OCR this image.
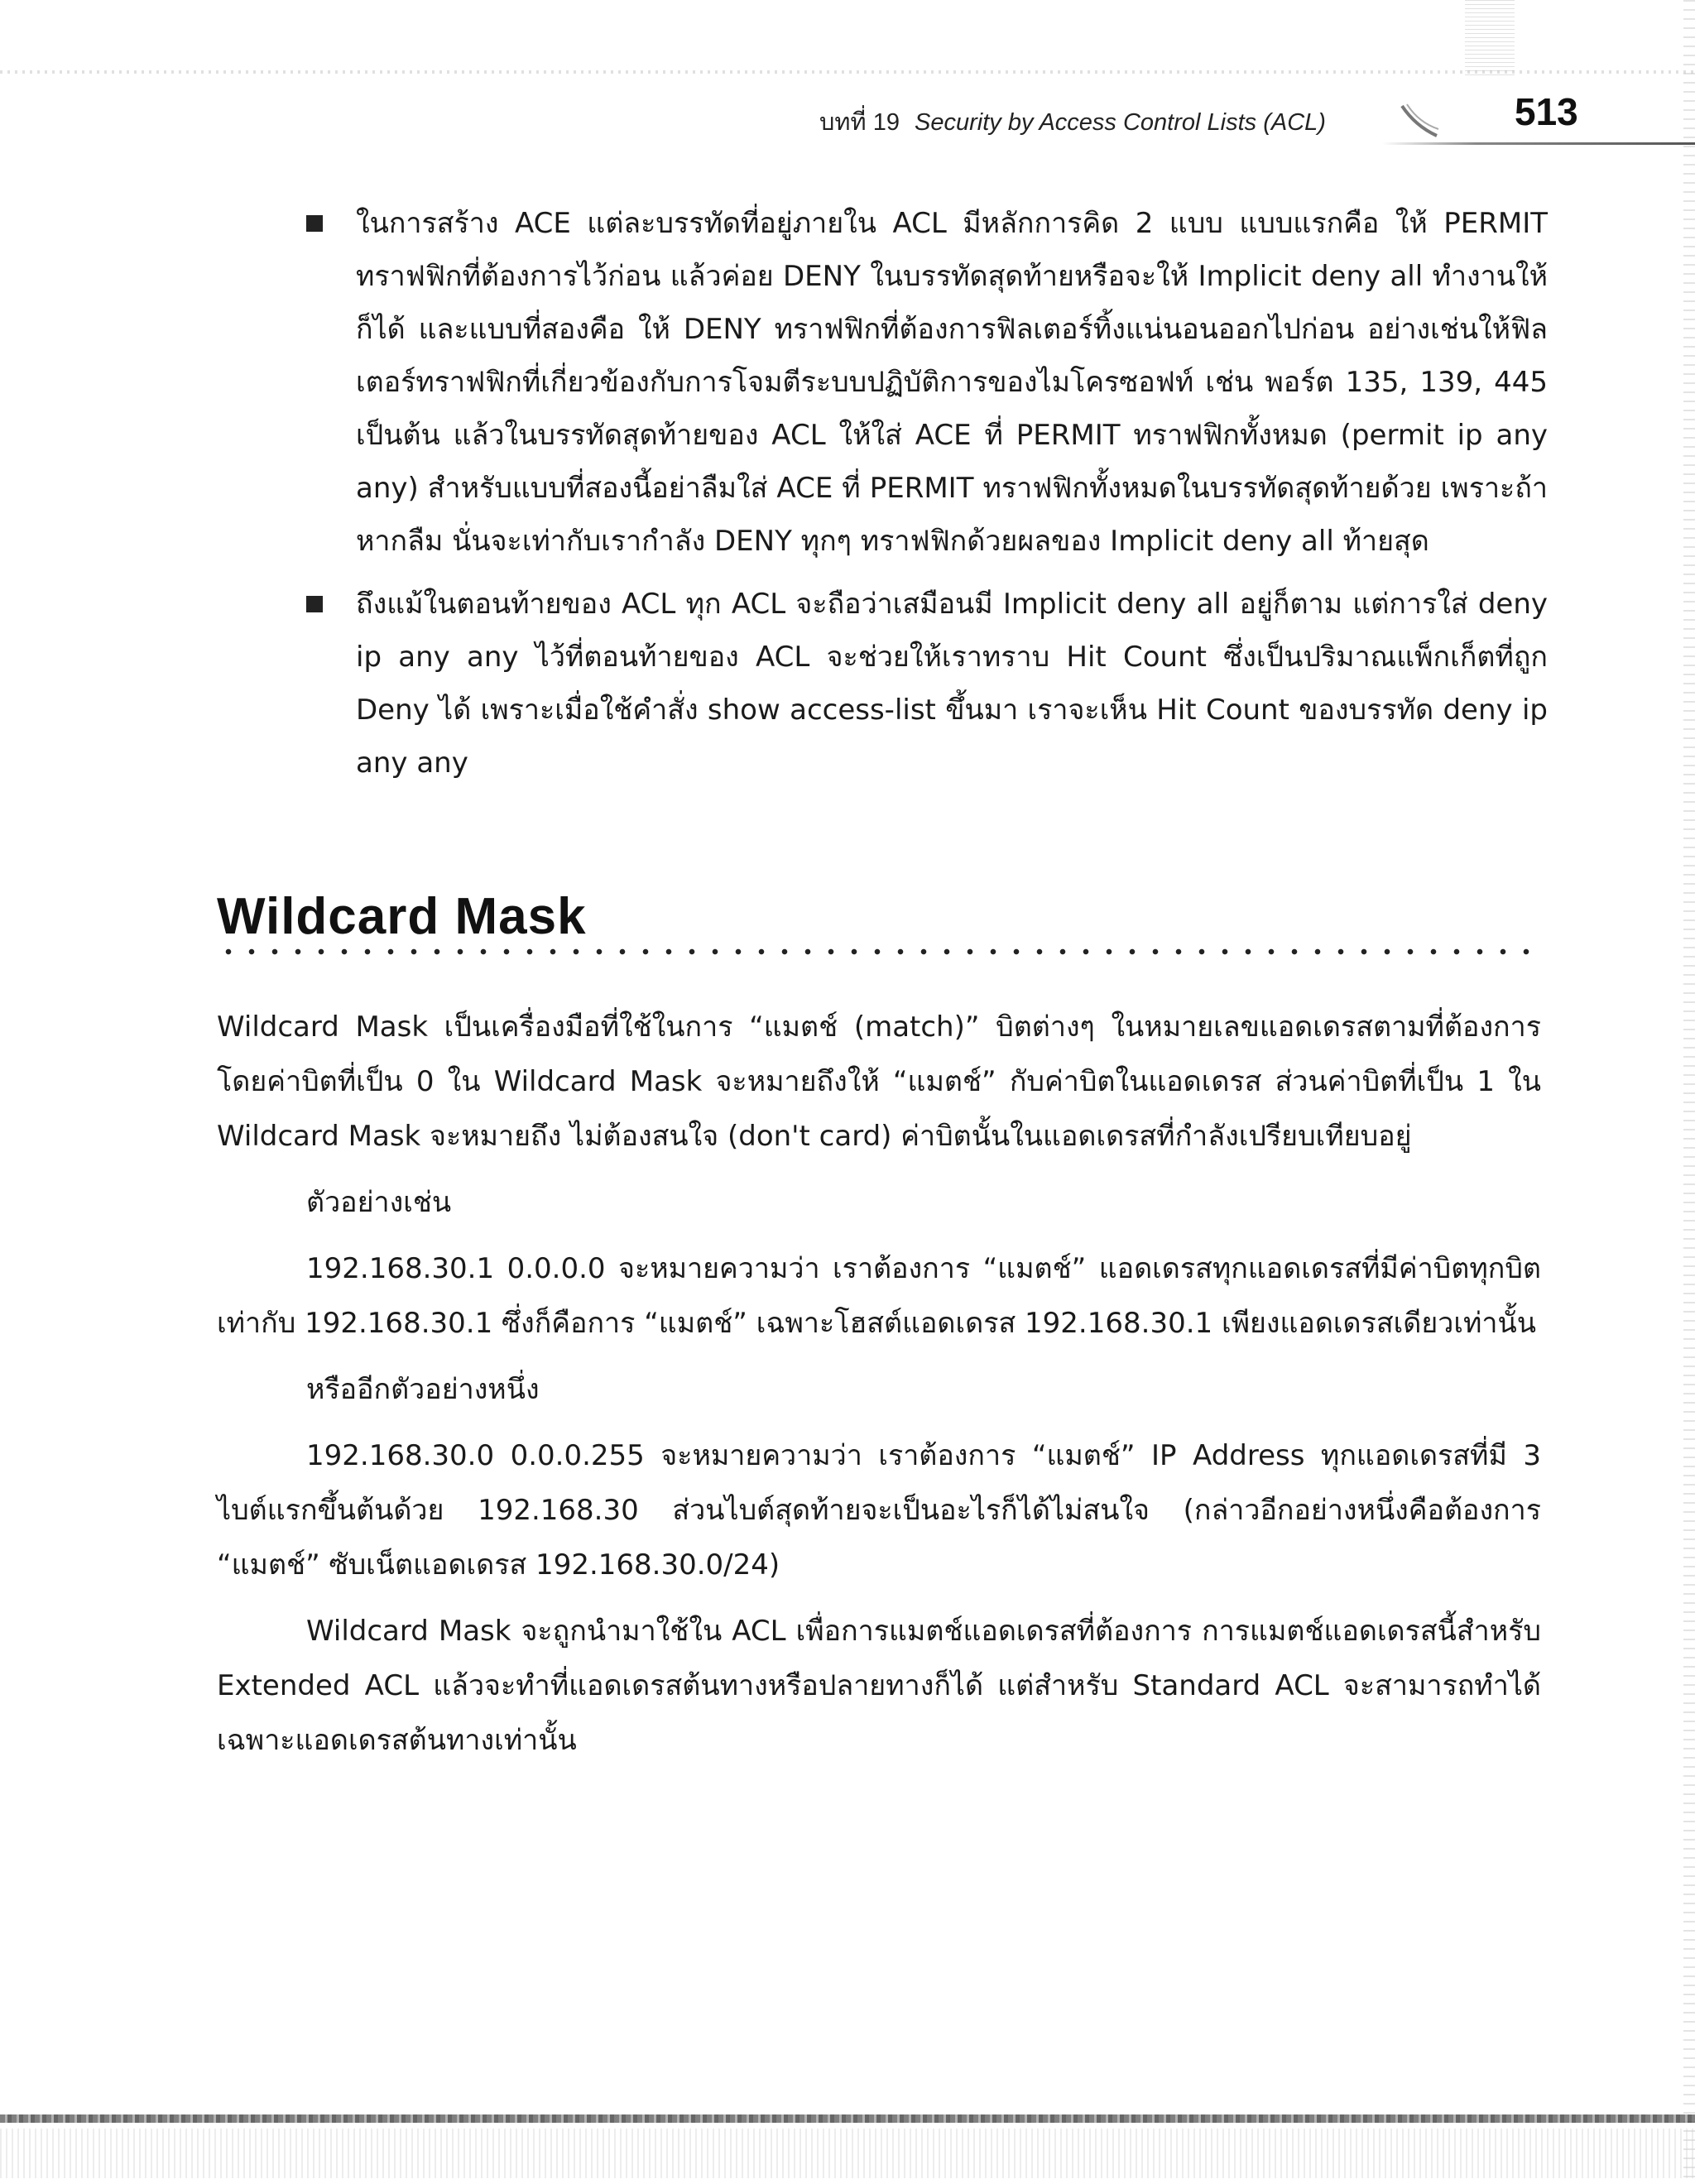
บทที่ 19 Security by Access Control Lists (ACL)	513
ในการสร้าง ACE แต่ละบรรทัดที่อยู่ภายใน ACL มีหลักการคิด 2 แบบ แบบแรกคือ ให้ PERMIT ทราฟฟิกที่ต้องการไว้ก่อน แล้วค่อย DENY ในบรรทัดสุดท้ายหรือจะให้ Implicit deny all ทำงานให้ก็ได้ และแบบที่สองคือ ให้ DENY ทราฟฟิกที่ต้องการฟิลเตอร์ทิ้งแน่นอนออกไปก่อน อย่างเช่นให้ฟิลเตอร์ทราฟฟิกที่เกี่ยวข้องกับการโจมตีระบบปฏิบัติการของไมโครซอฟท์ เช่น พอร์ต 135, 139, 445 เป็นต้น แล้วในบรรทัดสุดท้ายของ ACL ให้ใส่ ACE ที่ PERMIT ทราฟฟิกทั้งหมด (permit ip any any) สำหรับแบบที่สองนี้อย่าลืมใส่ ACE ที่ PERMIT ทราฟฟิกทั้งหมดในบรรทัดสุดท้ายด้วย เพราะถ้าหากลืม นั่นจะเท่ากับเรากำลัง DENY ทุกๆ ทราฟฟิกด้วยผลของ Implicit deny all ท้ายสุด
ถึงแม้ในตอนท้ายของ ACL ทุก ACL จะถือว่าเสมือนมี Implicit deny all อยู่ก็ตาม แต่การใส่ deny ip any any ไว้ที่ตอนท้ายของ ACL จะช่วยให้เราทราบ Hit Count ซึ่งเป็นปริมาณแพ็กเก็ตที่ถูก Deny ได้ เพราะเมื่อใช้คำสั่ง show access-list ขึ้นมา เราจะเห็น Hit Count ของบรรทัด deny ip any any
Wildcard Mask

Wildcard Mask เป็นเครื่องมือที่ใช้ในการ “แมตช์ (match)” บิตต่างๆ ในหมายเลขแอดเดรสตามที่ต้องการ โดยค่าบิตที่เป็น 0 ใน Wildcard Mask จะหมายถึงให้ “แมตช์” กับค่าบิตในแอดเดรส ส่วนค่าบิตที่เป็น 1 ใน Wildcard Mask จะหมายถึง ไม่ต้องสนใจ (don't card) ค่าบิตนั้นในแอดเดรสที่กำลังเปรียบเทียบอยู่

ตัวอย่างเช่น

192.168.30.1 0.0.0.0 จะหมายความว่า เราต้องการ “แมตช์” แอดเดรสทุกแอดเดรสที่มีค่าบิตทุกบิตเท่ากับ 192.168.30.1 ซึ่งก็คือการ “แมตช์” เฉพาะโฮสต์แอดเดรส 192.168.30.1 เพียงแอดเดรสเดียวเท่านั้น

หรืออีกตัวอย่างหนึ่ง

192.168.30.0 0.0.0.255 จะหมายความว่า เราต้องการ “แมตช์” IP Address ทุกแอดเดรสที่มี 3 ไบต์แรกขึ้นต้นด้วย 192.168.30 ส่วนไบต์สุดท้ายจะเป็นอะไรก็ได้ไม่สนใจ (กล่าวอีกอย่างหนึ่งคือต้องการ “แมตช์” ซับเน็ตแอดเดรส 192.168.30.0/24)

Wildcard Mask จะถูกนำมาใช้ใน ACL เพื่อการแมตช์แอดเดรสที่ต้องการ การแมตช์แอดเดรสนี้สำหรับ Extended ACL แล้วจะทำที่แอดเดรสต้นทางหรือปลายทางก็ได้ แต่สำหรับ Standard ACL จะสามารถทำได้เฉพาะแอดเดรสต้นทางเท่านั้น
